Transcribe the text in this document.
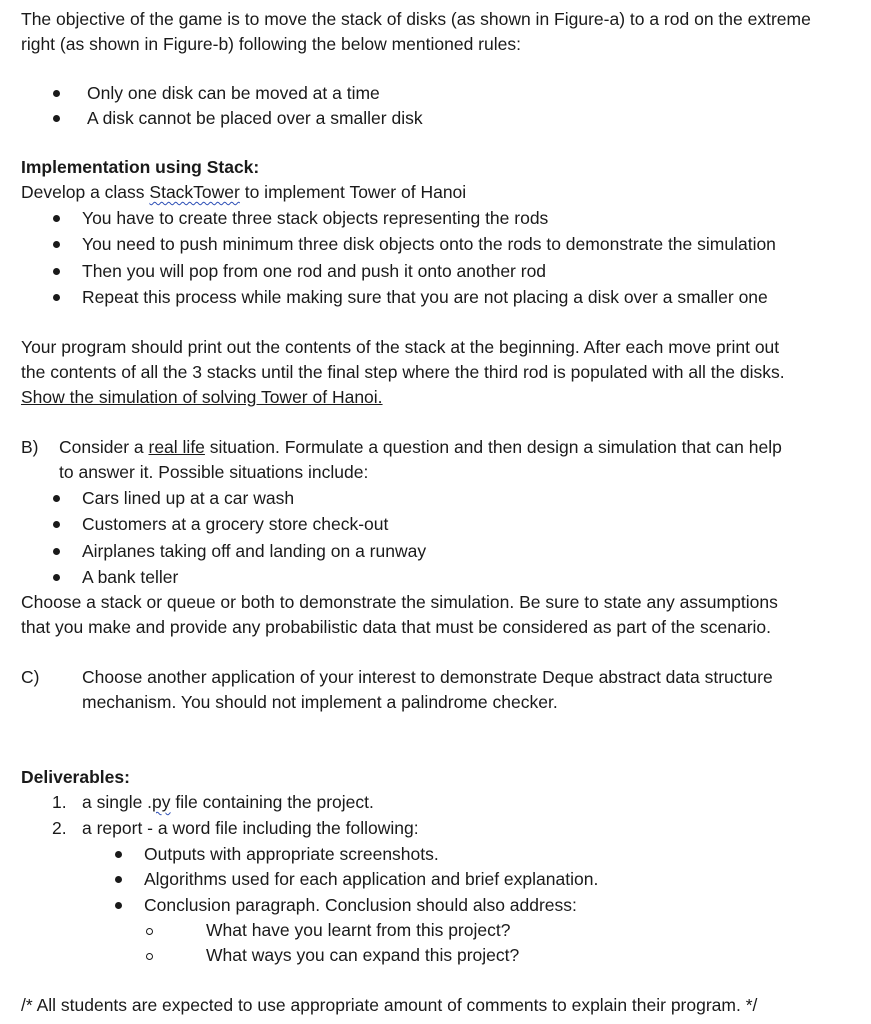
The objective of the game is to move the stack of disks (as shown in Figure-a) to a rod on the extreme
right (as shown in Figure-b) following the below mentioned rules:
Only one disk can be moved at a time
A disk cannot be placed over a smaller disk
Implementation using Stack:
Develop a class StackTower to implement Tower of Hanoi
You have to create three stack objects representing the rods
You need to push minimum three disk objects onto the rods to demonstrate the simulation
Then you will pop from one rod and push it onto another rod
Repeat this process while making sure that you are not placing a disk over a smaller one
Your program should print out the contents of the stack at the beginning. After each move print out
the contents of all the 3 stacks until the final step where the third rod is populated with all the disks.
Show the simulation of solving Tower of Hanoi.
B) Consider a real life situation. Formulate a question and then design a simulation that can help
to answer it. Possible situations include:
Cars lined up at a car wash
Customers at a grocery store check-out
Airplanes taking off and landing on a runway
A bank teller
Choose a stack or queue or both to demonstrate the simulation. Be sure to state any assumptions
that you make and provide any probabilistic data that must be considered as part of the scenario.
C) Choose another application of your interest to demonstrate Deque abstract data structure
mechanism. You should not implement a palindrome checker.
Deliverables:
1. a single .py file containing the project.
2. a report - a word file including the following:
Outputs with appropriate screenshots.
Algorithms used for each application and brief explanation.
Conclusion paragraph. Conclusion should also address:
What have you learnt from this project?
What ways you can expand this project?
/* All students are expected to use appropriate amount of comments to explain their program. */
